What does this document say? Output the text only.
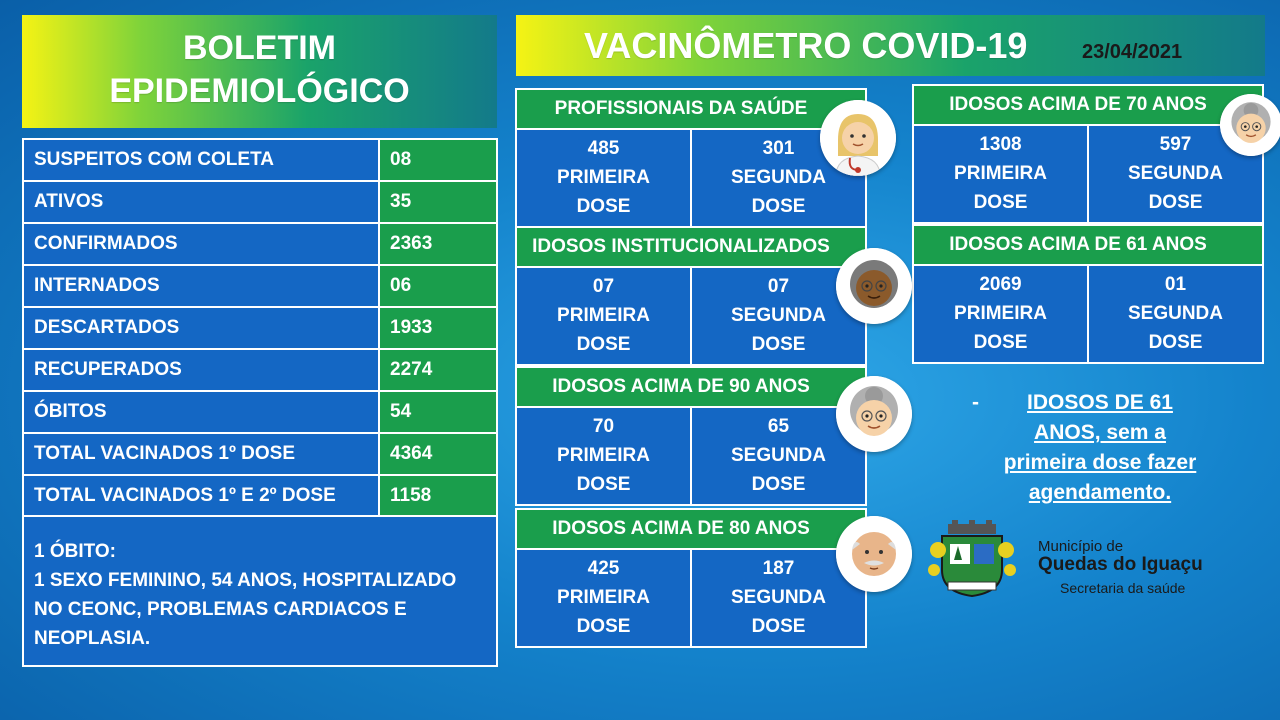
BOLETIM
EPIDEMIOLÓGICO
VACINÔMETRO COVID-19	23/04/2021
SUSPEITOS COM COLETA	08
ATIVOS	35
CONFIRMADOS	2363
INTERNADOS	06
DESCARTADOS	1933
RECUPERADOS	2274
ÓBITOS	54
TOTAL VACINADOS 1º DOSE	4364
TOTAL VACINADOS 1º E 2º DOSE	1158
1 ÓBITO:
1 SEXO FEMININO, 54 ANOS, HOSPITALIZADO
NO CEONC, PROBLEMAS CARDIACOS E
NEOPLASIA.
PROFISSIONAIS DA SAÚDE
485
PRIMEIRA
DOSE
301
SEGUNDA
DOSE
IDOSOS INSTITUCIONALIZADOS
07
PRIMEIRA
DOSE
07
SEGUNDA
DOSE
IDOSOS ACIMA DE 90 ANOS
70
PRIMEIRA
DOSE
65
SEGUNDA
DOSE
IDOSOS ACIMA DE 80 ANOS
425
PRIMEIRA
DOSE
187
SEGUNDA
DOSE
IDOSOS ACIMA DE 70 ANOS
1308
PRIMEIRA
DOSE
597
SEGUNDA
DOSE
IDOSOS ACIMA DE 61 ANOS
2069
PRIMEIRA
DOSE
01
SEGUNDA
DOSE
-	IDOSOS DE 61
ANOS, sem a
primeira dose fazer
agendamento.
Município de
Quedas do Iguaçu
Secretaria da saúde
